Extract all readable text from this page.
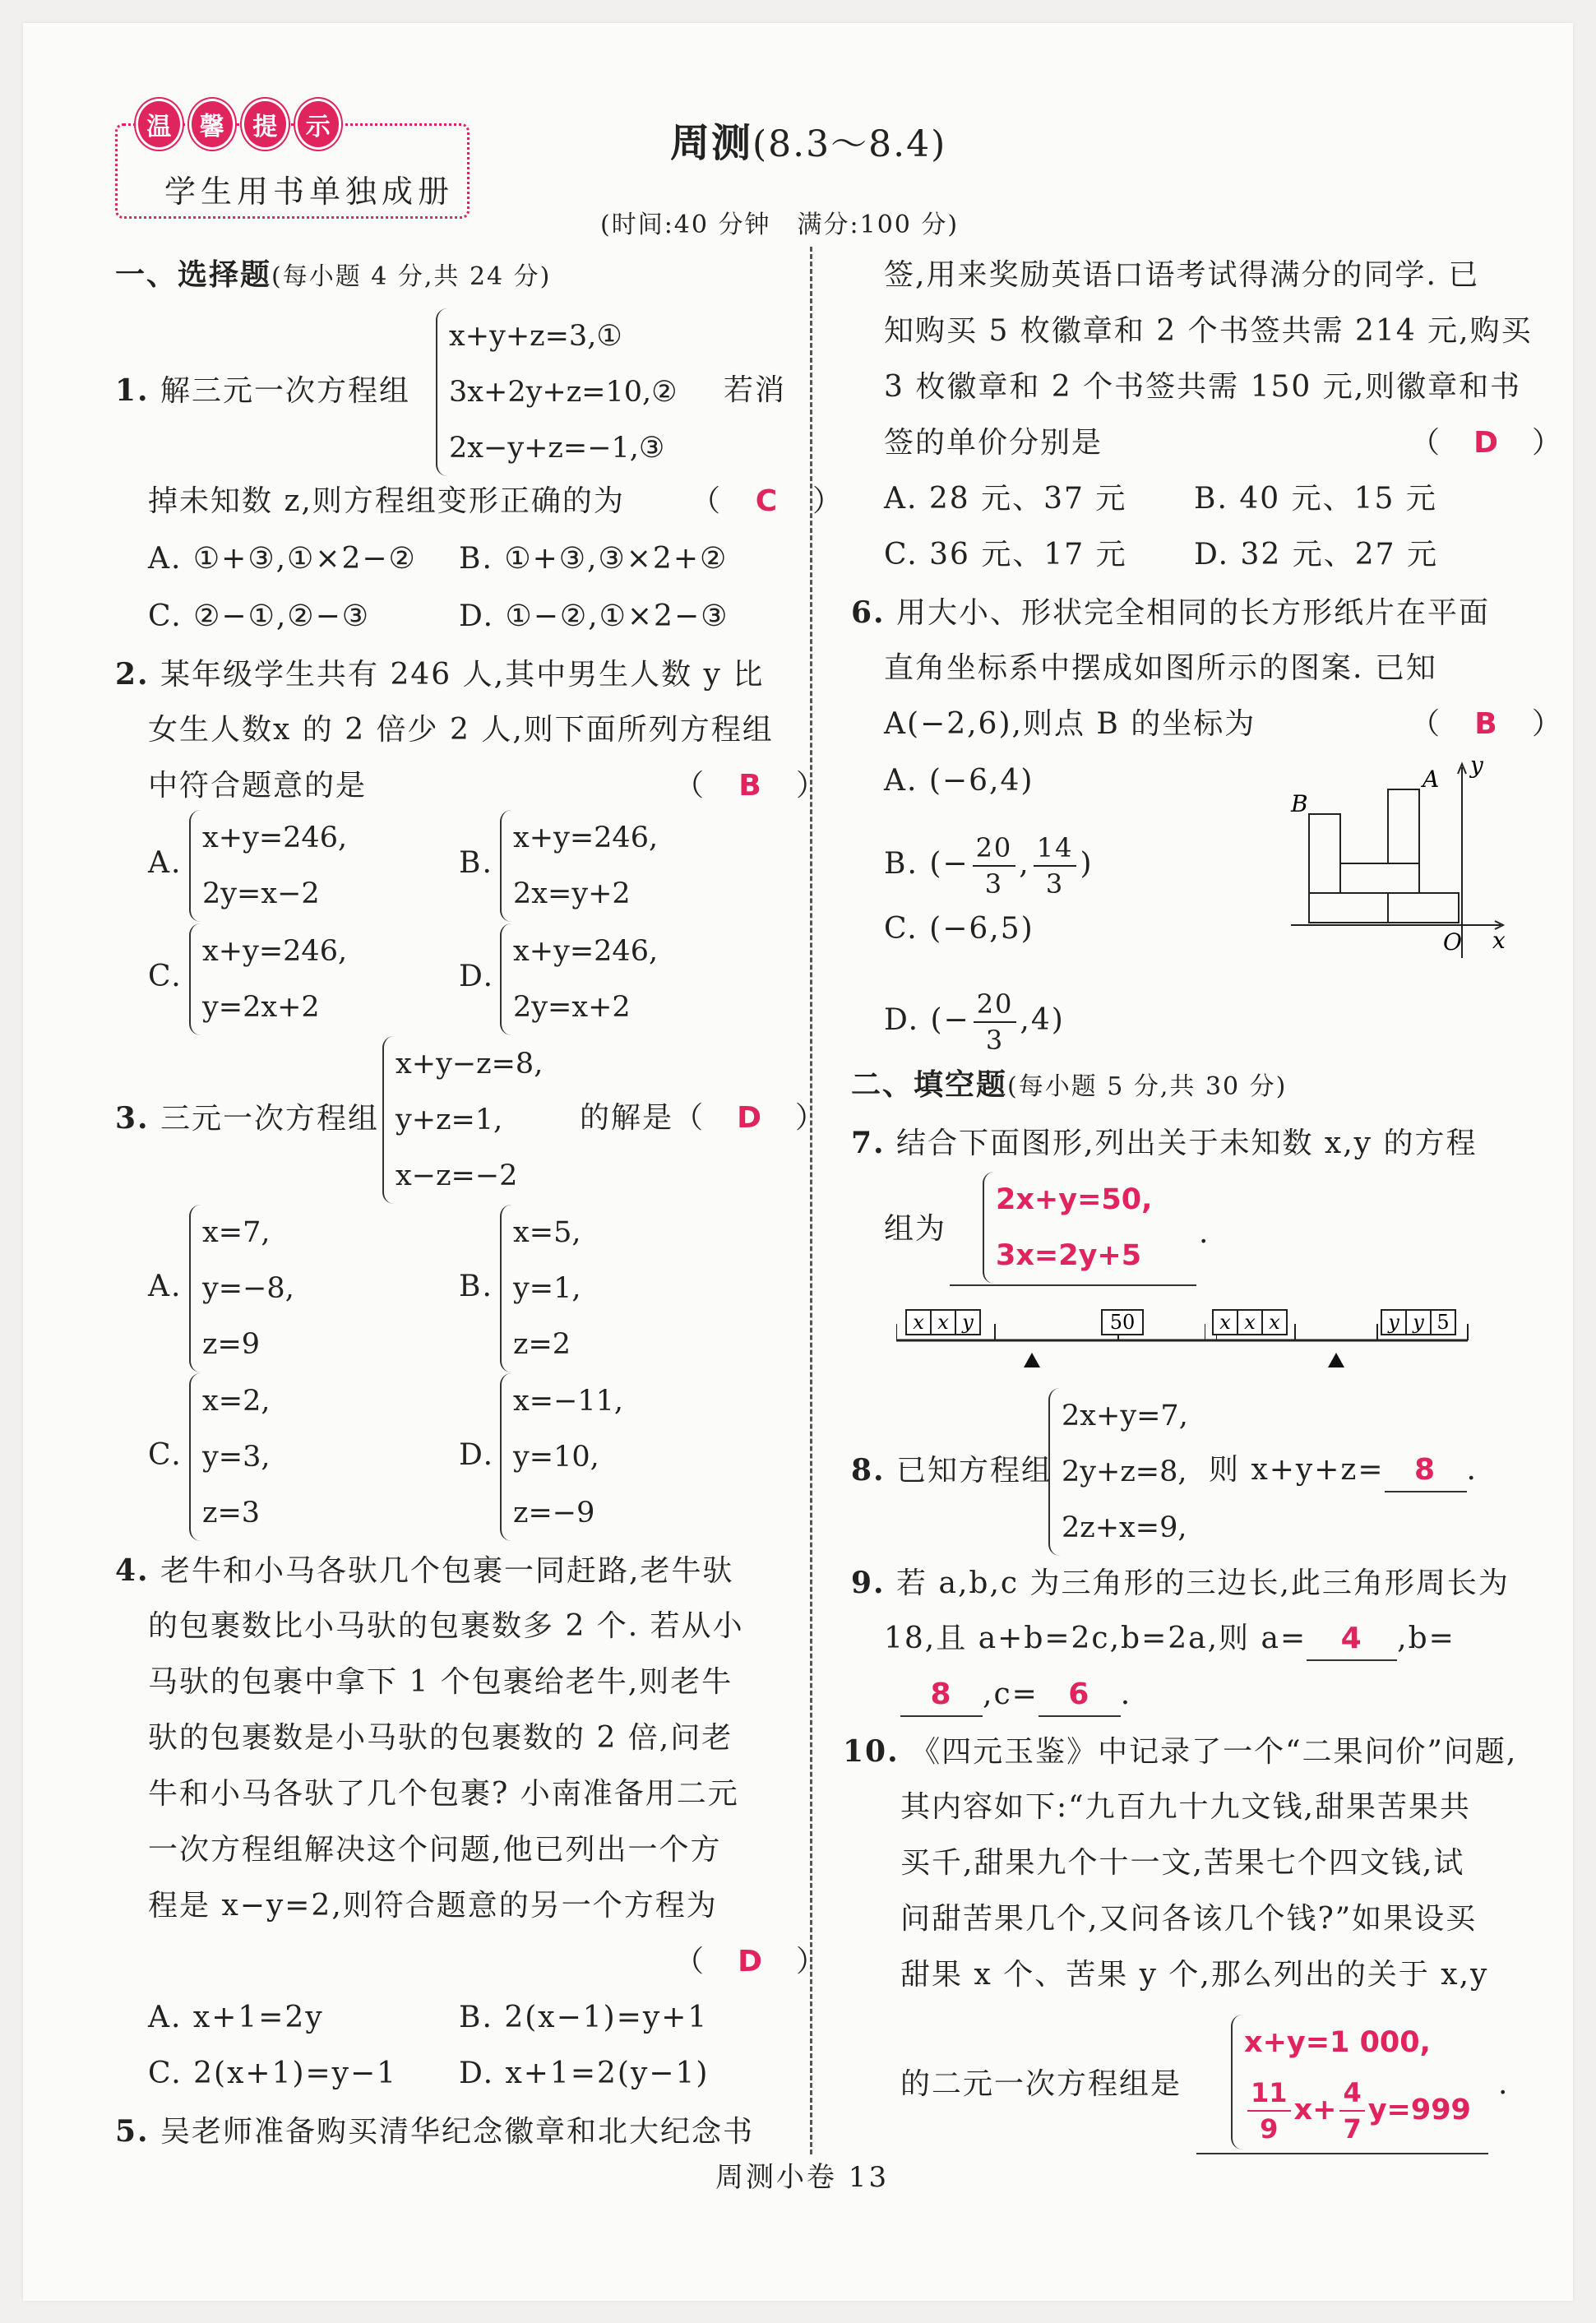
温	馨	提	示
学生用书单独成册
周测(8.3～8.4)
(时间:40 分钟　满分:100 分)
一、选择题(每小题 4 分,共 24 分)
1. 解三元一次方程组
x+y+z=3,①
3x+2y+z=10,②
2x−y+z=−1,③
若消
掉未知数 z,则方程组变形正确的为 （ C ）
A. ①+③,①×2−② B. ①+③,③×2+②
C. ②−①,②−③	D. ①−②,①×2−③
2. 某年级学生共有 246 人,其中男生人数 y 比
女生人数x 的 2 倍少 2 人,则下面所列方程组
中符合题意的是	（ B ）
A.
x+y=246,
2y=x−2
B.
x+y=246,
2x=y+2
C.
x+y=246,
y=2x+2
D.
x+y=246,
2y=x+2
3. 三元一次方程组
x+y−z=8,
y+z=1,
x−z=−2
的解是（ D ）
A.
x=7,
y=−8,
z=9
B.
x=5,
y=1,
z=2
C.
x=2,
y=3,
z=3
D.
x=−11,
y=10,
z=−9
4. 老牛和小马各驮几个包裹一同赶路,老牛驮
的包裹数比小马驮的包裹数多 2 个. 若从小
马驮的包裹中拿下 1 个包裹给老牛,则老牛
驮的包裹数是小马驮的包裹数的 2 倍,问老
牛和小马各驮了几个包裹? 小南准备用二元
一次方程组解决这个问题,他已列出一个方
程是 x−y=2,则符合题意的另一个方程为
（ D ）
A. x+1=2y	B. 2(x−1)=y+1
C. 2(x+1)=y−1 D. x+1=2(y−1)
5. 吴老师准备购买清华纪念徽章和北大纪念书
签,用来奖励英语口语考试得满分的同学. 已
知购买 5 枚徽章和 2 个书签共需 214 元,购买
3 枚徽章和 2 个书签共需 150 元,则徽章和书
签的单价分别是	（ D ）
A. 28 元、37 元 B. 40 元、15 元
C. 36 元、17 元 D. 32 元、27 元
6. 用大小、形状完全相同的长方形纸片在平面
直角坐标系中摆成如图所示的图案. 已知
A(−2,6),则点 B 的坐标为	（ B ）
A. (−6,4)
B. (− $\frac{20}{3}$ , $\frac{14}{3}$ )
C. (−6,5)
D. (− $\frac{20}{3} ,4$)
B
A
O x
y
二、填空题(每小题 5 分,共 30 分)
7. 结合下面图形,列出关于未知数 x,y 的方程
组为
2x+y=50,
3x=2y+5
.
x x y	50	x x x	y y 5
8. 已知方程组
2x+y=7,
2y+z=8,
2z+x=9,
则 x+y+z= 8 .
9. 若 a,b,c 为三角形的三边长,此三角形周长为
18,且 a+b=2c,b=2a,则 a= 4 ,b=
8 ,c= 6 .
10. 《四元玉鉴》中记录了一个“二果问价”问题,
其内容如下:“九百九十九文钱,甜果苦果共
买千,甜果九个十一文,苦果七个四文钱,试
问甜苦果几个,又问各该几个钱?”如果设买
甜果 x 个、苦果 y 个,那么列出的关于 x,y
的二元一次方程组是
x+y=1 000,
$\frac{11}{9} x+ \frac{4}{7} y=999$
.
周测小卷 13
